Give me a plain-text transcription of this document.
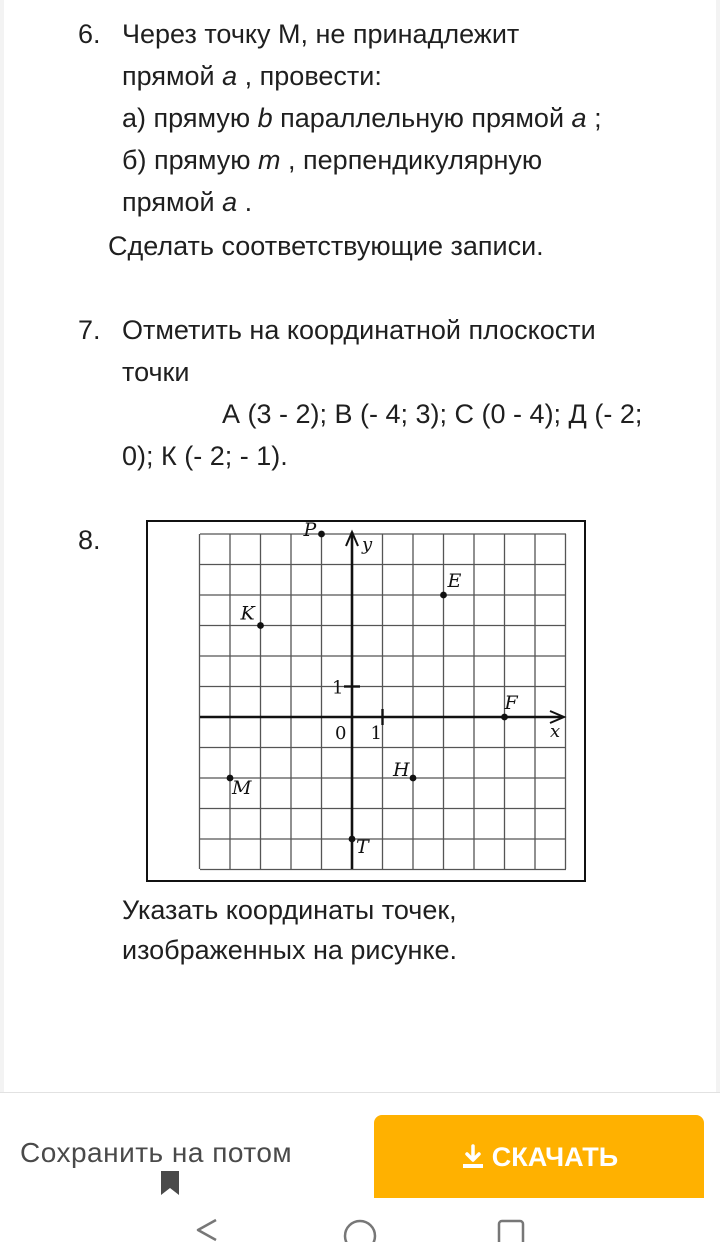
6. Через точку М, не принадлежит
прямой а , провести:
а) прямую b параллельную прямой a ;
б) прямую т , перпендикулярную
прямой a .
Сделать соответствующие записи.
7. Отметить на координатной плоскости
точки
А (3 - 2); В (- 4; 3); С (0 - 4); Д (- 2;
0); К (- 2; - 1).
8.	y
x
0 1
1
P
E
K
F
H
M
T
Указать координаты точек,
изображенных на рисунке.
Сохранить на потом	СКАЧАТЬ
